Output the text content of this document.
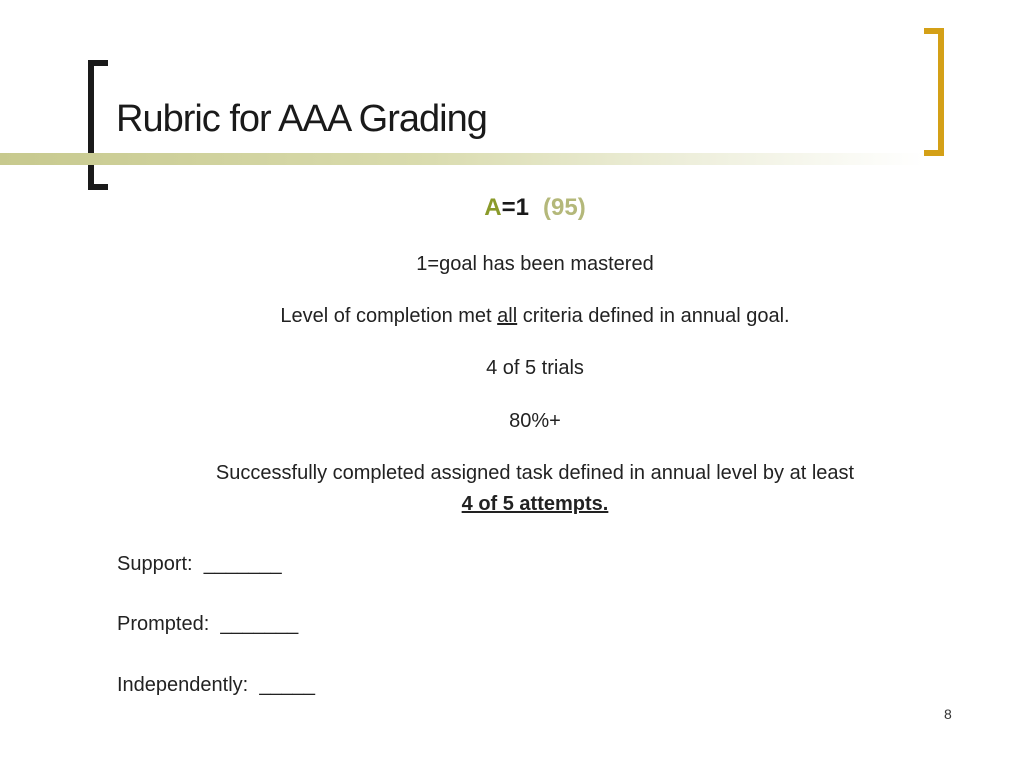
Rubric for AAA Grading
A=1 (95)
1=goal has been mastered
Level of completion met all criteria defined in annual goal.
4 of 5 trials
80%+
Successfully completed assigned task defined in annual level by at least
4 of 5 attempts.
Support:  _______
Prompted:  _______
Independently:  _____
8
